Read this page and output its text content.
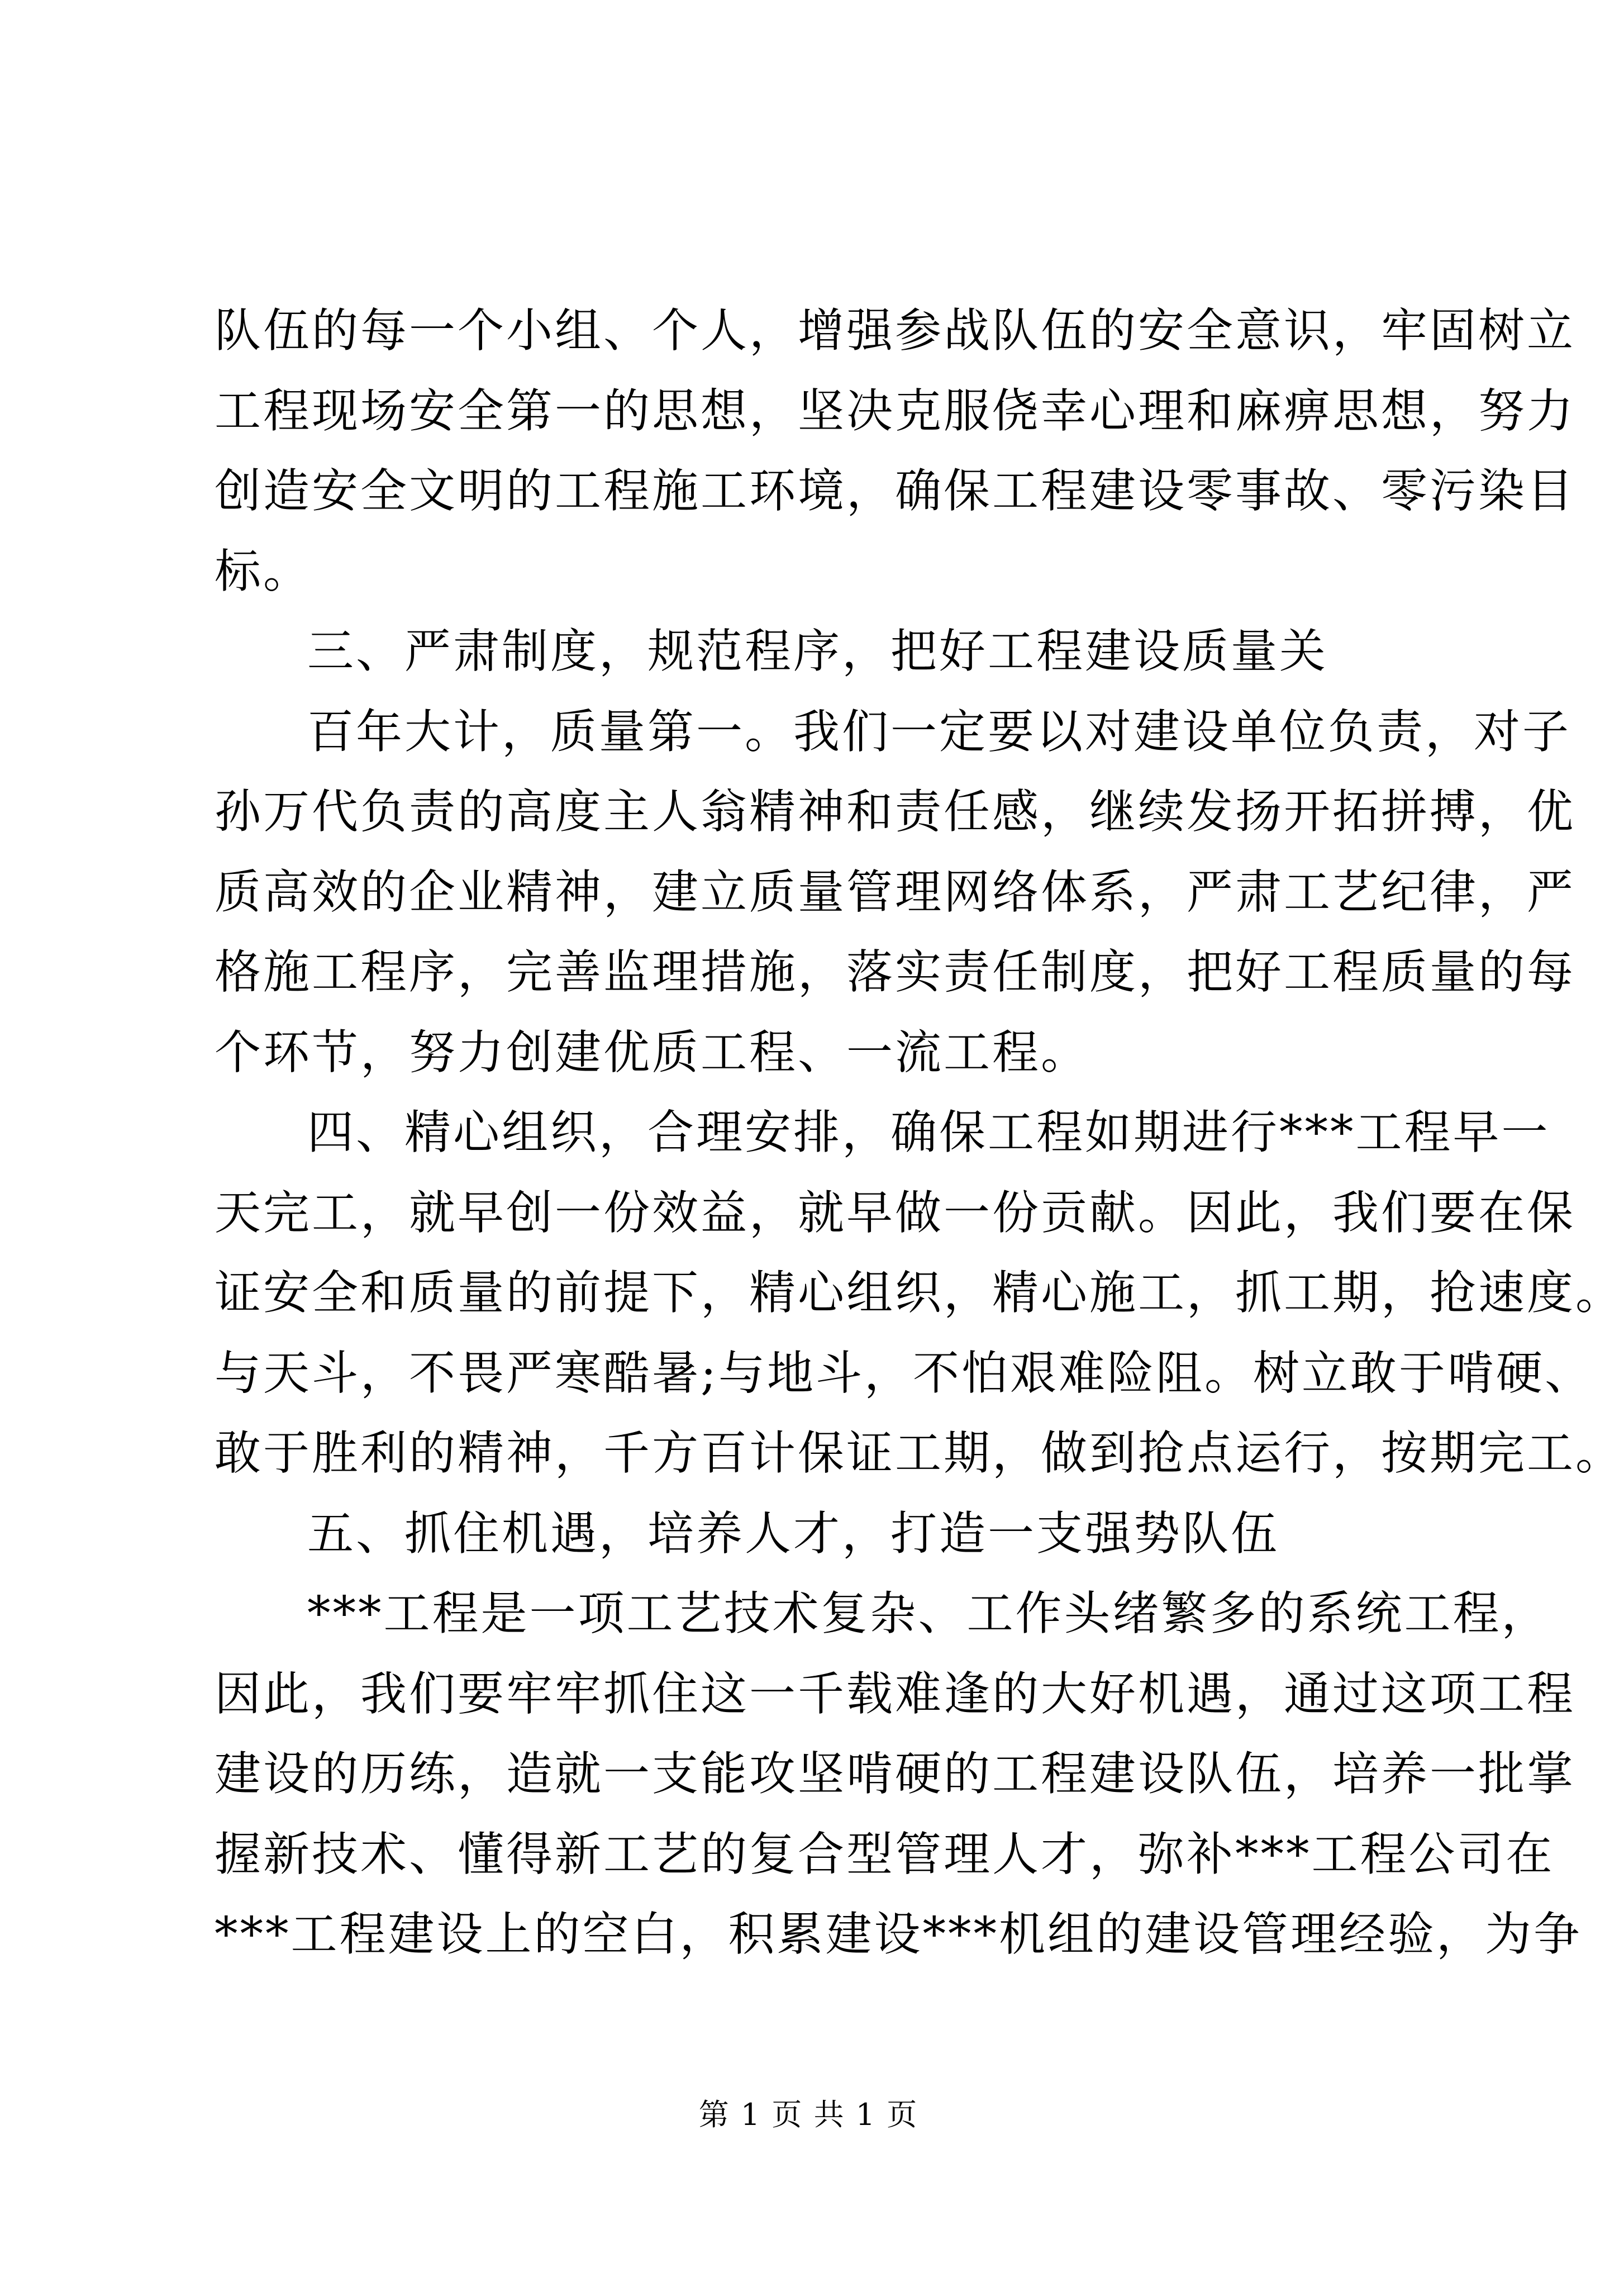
队伍的每一个小组、个人，增强参战队伍的安全意识，牢固树立
工程现场安全第一的思想，坚决克服侥幸心理和麻痹思想，努力
创造安全文明的工程施工环境，确保工程建设零事故、零污染目
标。
三、严肃制度，规范程序，把好工程建设质量关
百年大计，质量第一。我们一定要以对建设单位负责，对子
孙万代负责的高度主人翁精神和责任感，继续发扬开拓拼搏，优
质高效的企业精神，建立质量管理网络体系，严肃工艺纪律，严
格施工程序，完善监理措施，落实责任制度，把好工程质量的每
个环节，努力创建优质工程、一流工程。
四、精心组织，合理安排，确保工程如期进行***工程早一
天完工，就早创一份效益，就早做一份贡献。因此，我们要在保
证安全和质量的前提下，精心组织，精心施工，抓工期，抢速度。
与天斗，不畏严寒酷暑;与地斗，不怕艰难险阻。树立敢于啃硬、
敢于胜利的精神，千方百计保证工期，做到抢点运行，按期完工。
五、抓住机遇，培养人才，打造一支强势队伍
***工程是一项工艺技术复杂、工作头绪繁多的系统工程，
因此，我们要牢牢抓住这一千载难逢的大好机遇，通过这项工程
建设的历练，造就一支能攻坚啃硬的工程建设队伍，培养一批掌
握新技术、懂得新工艺的复合型管理人才，弥补***工程公司在
***工程建设上的空白，积累建设***机组的建设管理经验，为争
第 1 页 共 1 页
